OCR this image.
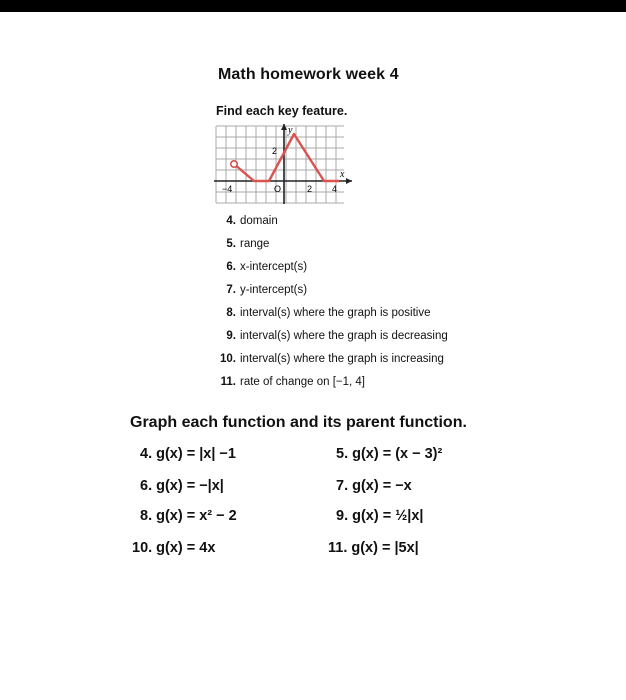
Math homework week 4
Find each key feature.
y
x
2
−4	O	2 4
4. domain
5. range
6. x-intercept(s)
7. y-intercept(s)
8. interval(s) where the graph is positive
9. interval(s) where the graph is decreasing
10. interval(s) where the graph is increasing
11. rate of change on [−1, 4]
Graph each function and its parent function.
4. g(x) = |x| −1	5. g(x) = (x − 3)²
6. g(x) = −|x|	7. g(x) = −x
8. g(x) = x² − 2	9. g(x) = ½|x|
10. g(x) = 4x	11. g(x) = |5x|
